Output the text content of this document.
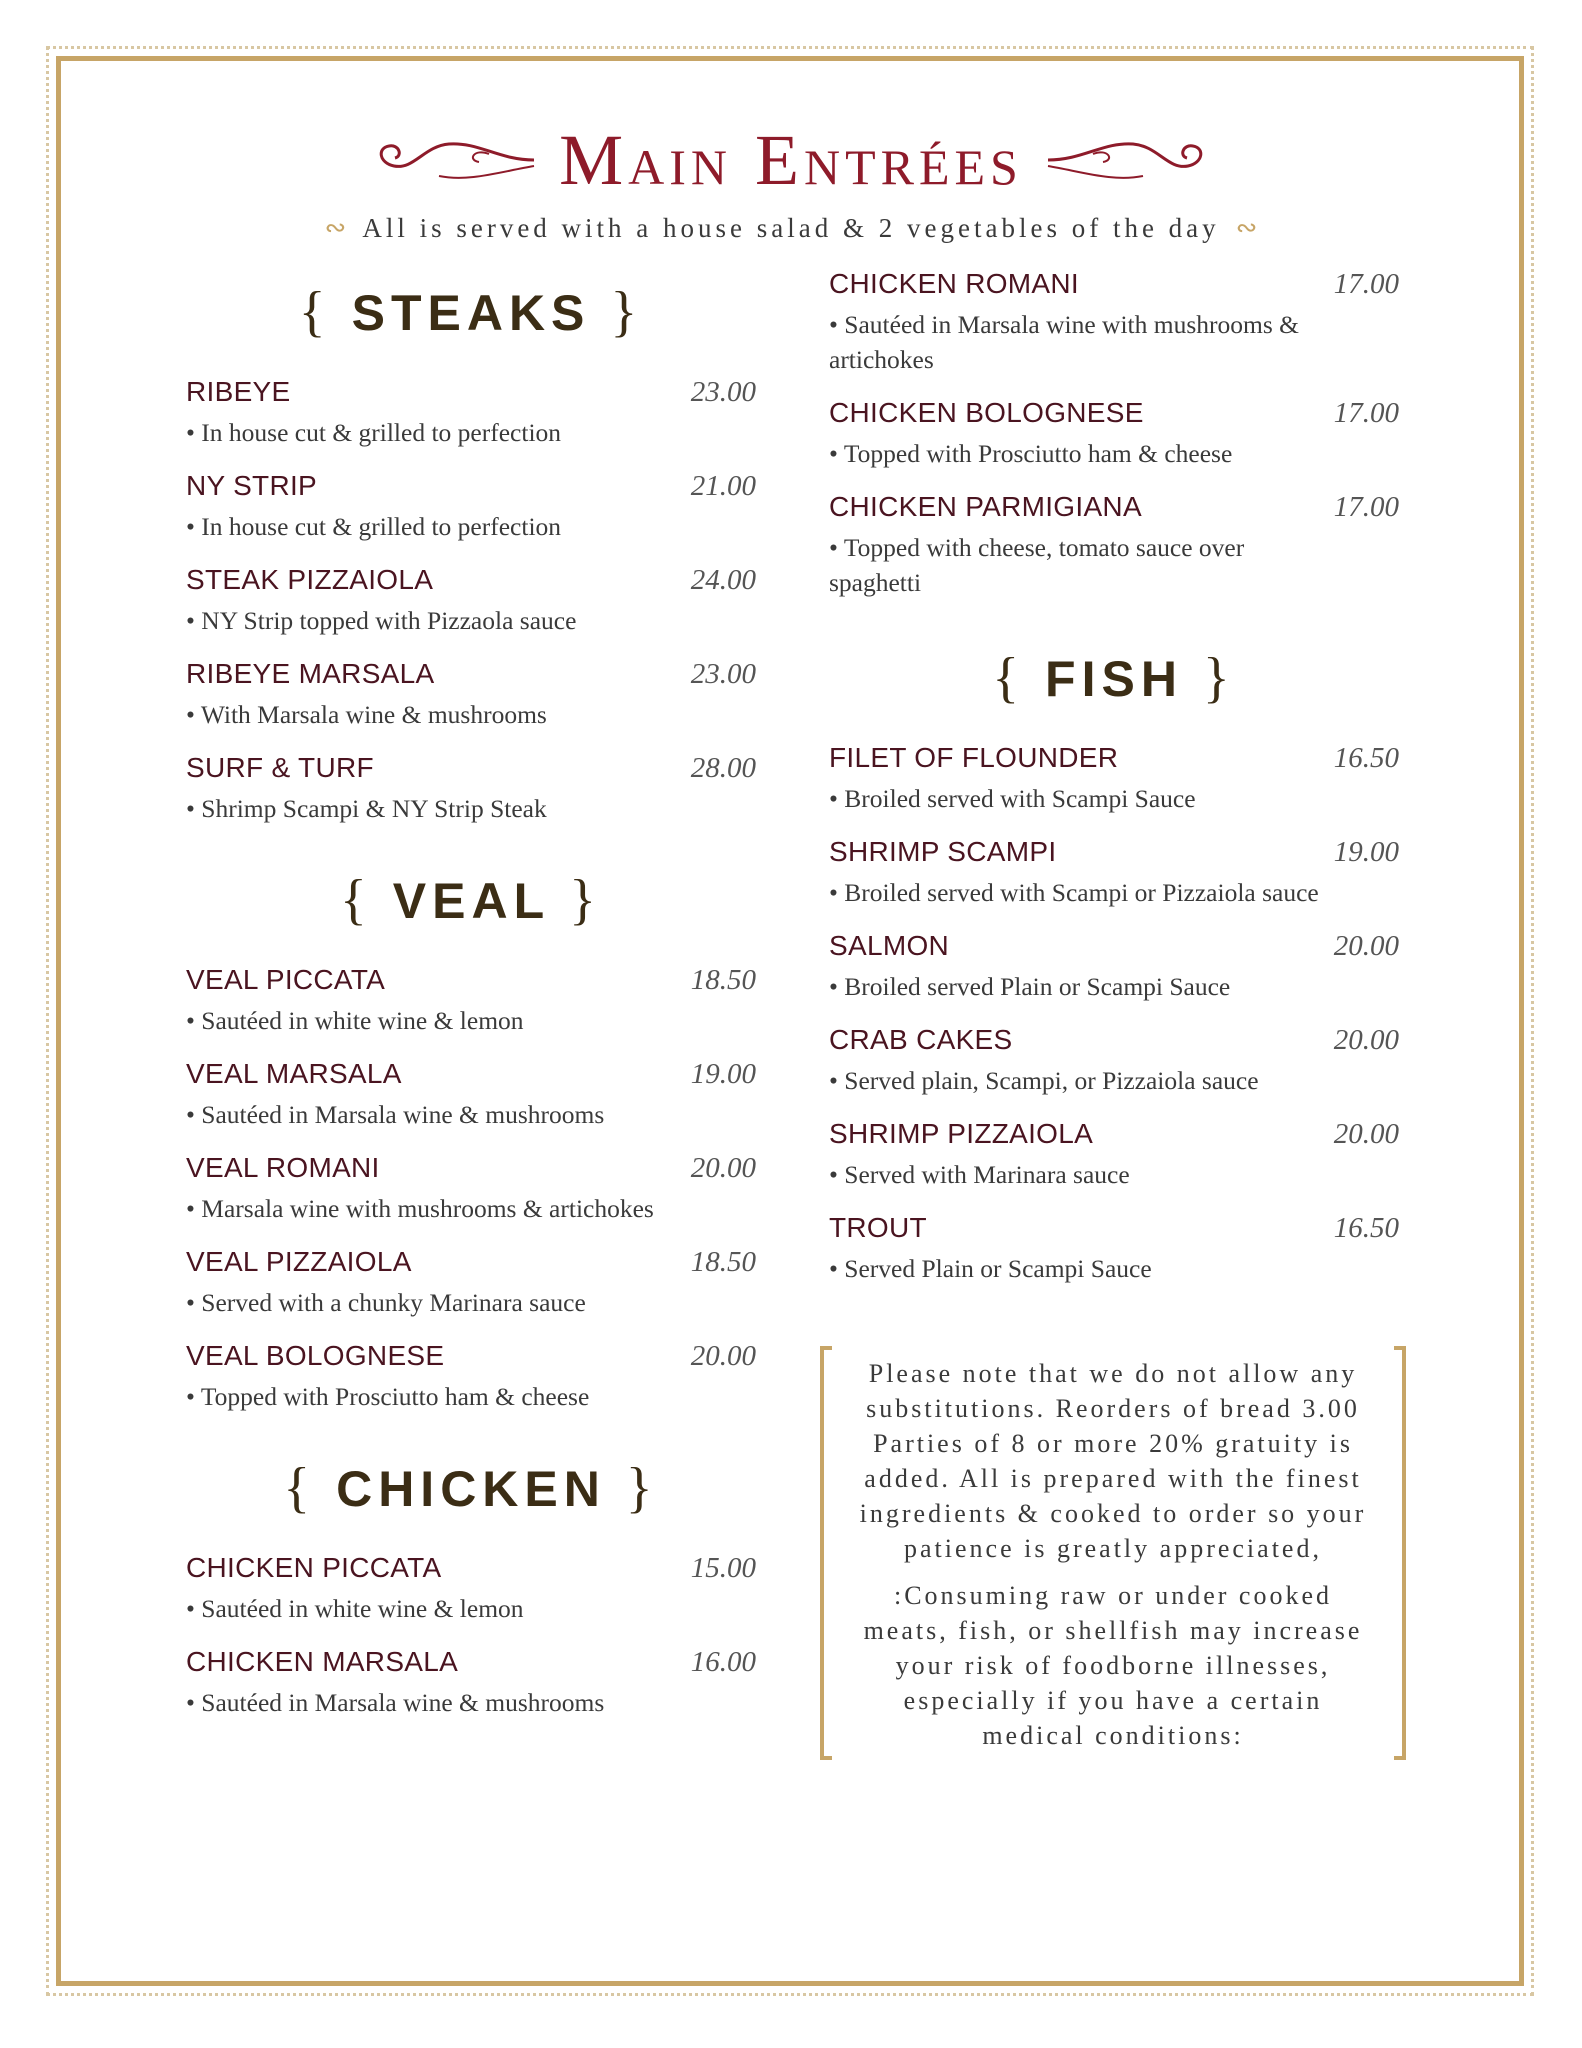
Main Entrées
∾ All is served with a house salad & 2 vegetables of the day ∾
{ STEAKS }
RIBEYE	23.00
• In house cut & grilled to perfection
NY STRIP	21.00
• In house cut & grilled to perfection
STEAK PIZZAIOLA	24.00
• NY Strip topped with Pizzaola sauce
RIBEYE MARSALA	23.00
• With Marsala wine & mushrooms
SURF & TURF	28.00
• Shrimp Scampi & NY Strip Steak
{ VEAL }
VEAL PICCATA	18.50
• Sautéed in white wine & lemon
VEAL MARSALA	19.00
• Sautéed in Marsala wine & mushrooms
VEAL ROMANI	20.00
• Marsala wine with mushrooms & artichokes
VEAL PIZZAIOLA	18.50
• Served with a chunky Marinara sauce
VEAL BOLOGNESE	20.00
• Topped with Prosciutto ham & cheese
{ CHICKEN }
CHICKEN PICCATA	15.00
• Sautéed in white wine & lemon
CHICKEN MARSALA	16.00
• Sautéed in Marsala wine & mushrooms
CHICKEN ROMANI	17.00
• Sautéed in Marsala wine with mushrooms & artichokes
CHICKEN BOLOGNESE	17.00
• Topped with Prosciutto ham & cheese
CHICKEN PARMIGIANA	17.00
• Topped with cheese, tomato sauce over spaghetti
{ FISH }
FILET OF FLOUNDER	16.50
• Broiled served with Scampi Sauce
SHRIMP SCAMPI	19.00
• Broiled served with Scampi or Pizzaiola sauce
SALMON	20.00
• Broiled served Plain or Scampi Sauce
CRAB CAKES	20.00
• Served plain, Scampi, or Pizzaiola sauce
SHRIMP PIZZAIOLA	20.00
• Served with Marinara sauce
TROUT	16.50
• Served Plain or Scampi Sauce

Please note that we do not allow any substitutions. Reorders of bread 3.00 Parties of 8 or more 20% gratuity is added. All is prepared with the finest ingredients & cooked to order so your patience is greatly appreciated,

:Consuming raw or under cooked meats, fish, or shellfish may increase your risk of foodborne illnesses, especially if you have a certain medical conditions:
